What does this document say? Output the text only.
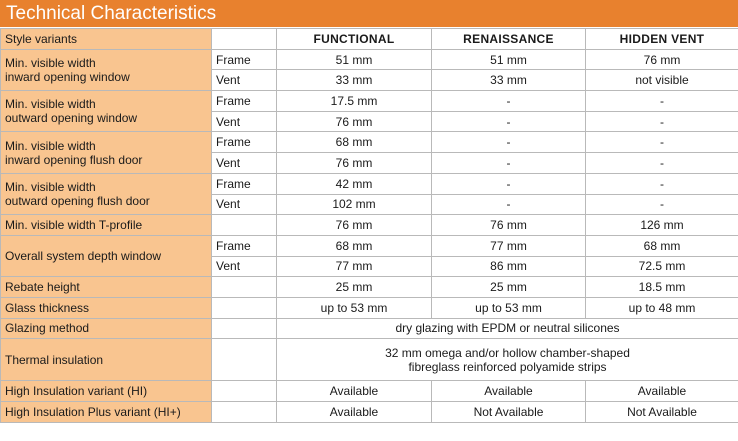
Technical Characteristics
Style variants		FUNCTIONAL	RENAISSANCE	HIDDEN VENT
Min. visible width
inward opening window	Frame	51 mm	51 mm	76 mm
	Vent	33 mm	33 mm	not visible
Min. visible width
outward opening window	Frame	17.5 mm	-	-
	Vent	76 mm	-	-
Min. visible width
inward opening flush door	Frame	68 mm	-	-
	Vent	76 mm	-	-
Min. visible width
outward opening flush door	Frame	42 mm	-	-
	Vent	102 mm	-	-
Min. visible width T-profile		76 mm	76 mm	126 mm
Overall system depth window	Frame	68 mm	77 mm	68 mm
	Vent	77 mm	86 mm	72.5 mm
Rebate height		25 mm	25 mm	18.5 mm
Glass thickness		up to 53 mm	up to 53 mm	up to 48 mm
Glazing method		dry glazing with EPDM or neutral silicones		
Thermal insulation		32 mm omega and/or hollow chamber-shaped
fibreglass reinforced polyamide strips		
High Insulation variant (HI)		Available	Available	Available
High Insulation Plus variant (HI+)		Available	Not Available	Not Available
